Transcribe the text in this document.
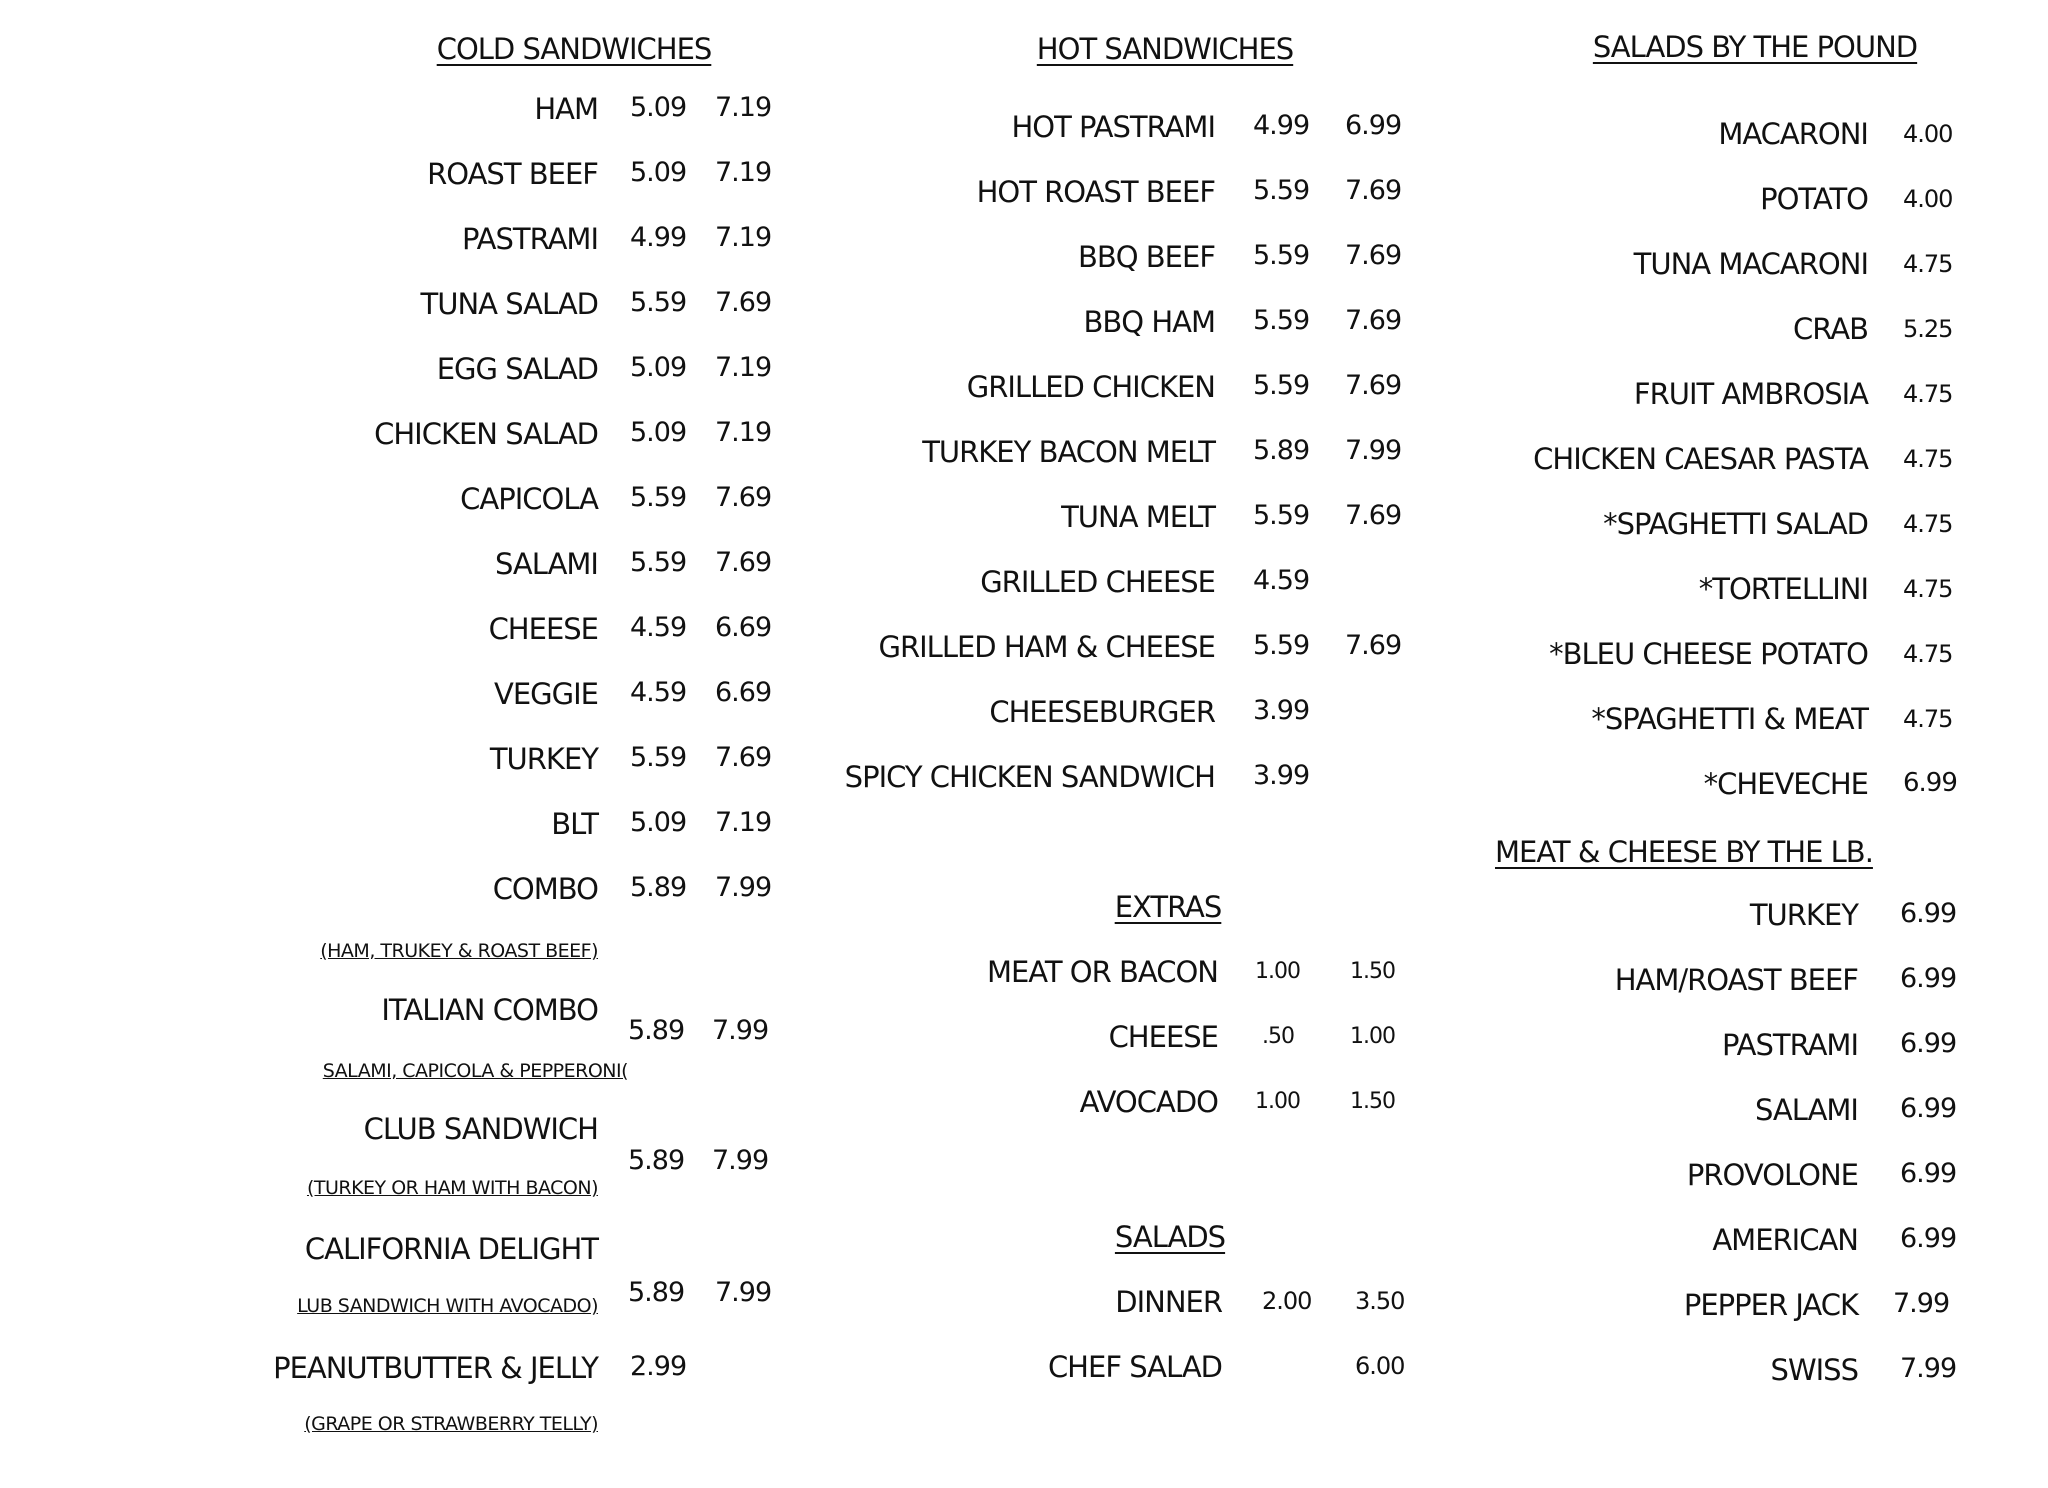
COLD SANDWICHES
HAM 5.09 7.19
ROAST BEEF 5.09 7.19
PASTRAMI 4.99 7.19
TUNA SALAD 5.59 7.69
EGG SALAD 5.09 7.19
CHICKEN SALAD 5.09 7.19
CAPICOLA 5.59 7.69
SALAMI 5.59 7.69
CHEESE 4.59 6.69
VEGGIE 4.59 6.69
TURKEY 5.59 7.69
BLT 5.09 7.19
COMBO 5.89 7.99
(HAM, TRUKEY & ROAST BEEF)
ITALIAN COMBO
SALAMI, CAPICOLA & PEPPERONI(
5.89 7.99
CLUB SANDWICH
(TURKEY OR HAM WITH BACON)
5.89 7.99
CALIFORNIA DELIGHT
LUB SANDWICH WITH AVOCADO) 5.89 7.99
PEANUTBUTTER & JELLY 2.99
(GRAPE OR STRAWBERRY TELLY)
HOT SANDWICHES
HOT PASTRAMI 4.99 6.99
HOT ROAST BEEF 5.59 7.69
BBQ BEEF 5.59 7.69
BBQ HAM 5.59 7.69
GRILLED CHICKEN 5.59 7.69
TURKEY BACON MELT 5.89 7.99
TUNA MELT 5.59 7.69
GRILLED CHEESE 4.59
GRILLED HAM & CHEESE 5.59 7.69
CHEESEBURGER 3.99
SPICY CHICKEN SANDWICH 3.99
EXTRAS
MEAT OR BACON 1.00 1.50
CHEESE .50	1.00
AVOCADO 1.00 1.50
SALADS
DINNER 2.00 3.50
CHEF SALAD	6.00
SALADS BY THE POUND
MACARONI 4.00
POTATO 4.00
TUNA MACARONI 4.75
CRAB 5.25
FRUIT AMBROSIA 4.75
CHICKEN CAESAR PASTA 4.75
*SPAGHETTI SALAD 4.75
*TORTELLINI 4.75
*BLEU CHEESE POTATO 4.75
*SPAGHETTI & MEAT 4.75
*CHEVECHE 6.99
MEAT & CHEESE BY THE LB.
TURKEY 6.99
HAM/ROAST BEEF 6.99
PASTRAMI 6.99
SALAMI 6.99
PROVOLONE 6.99
AMERICAN 6.99
PEPPER JACK 7.99
SWISS 7.99
